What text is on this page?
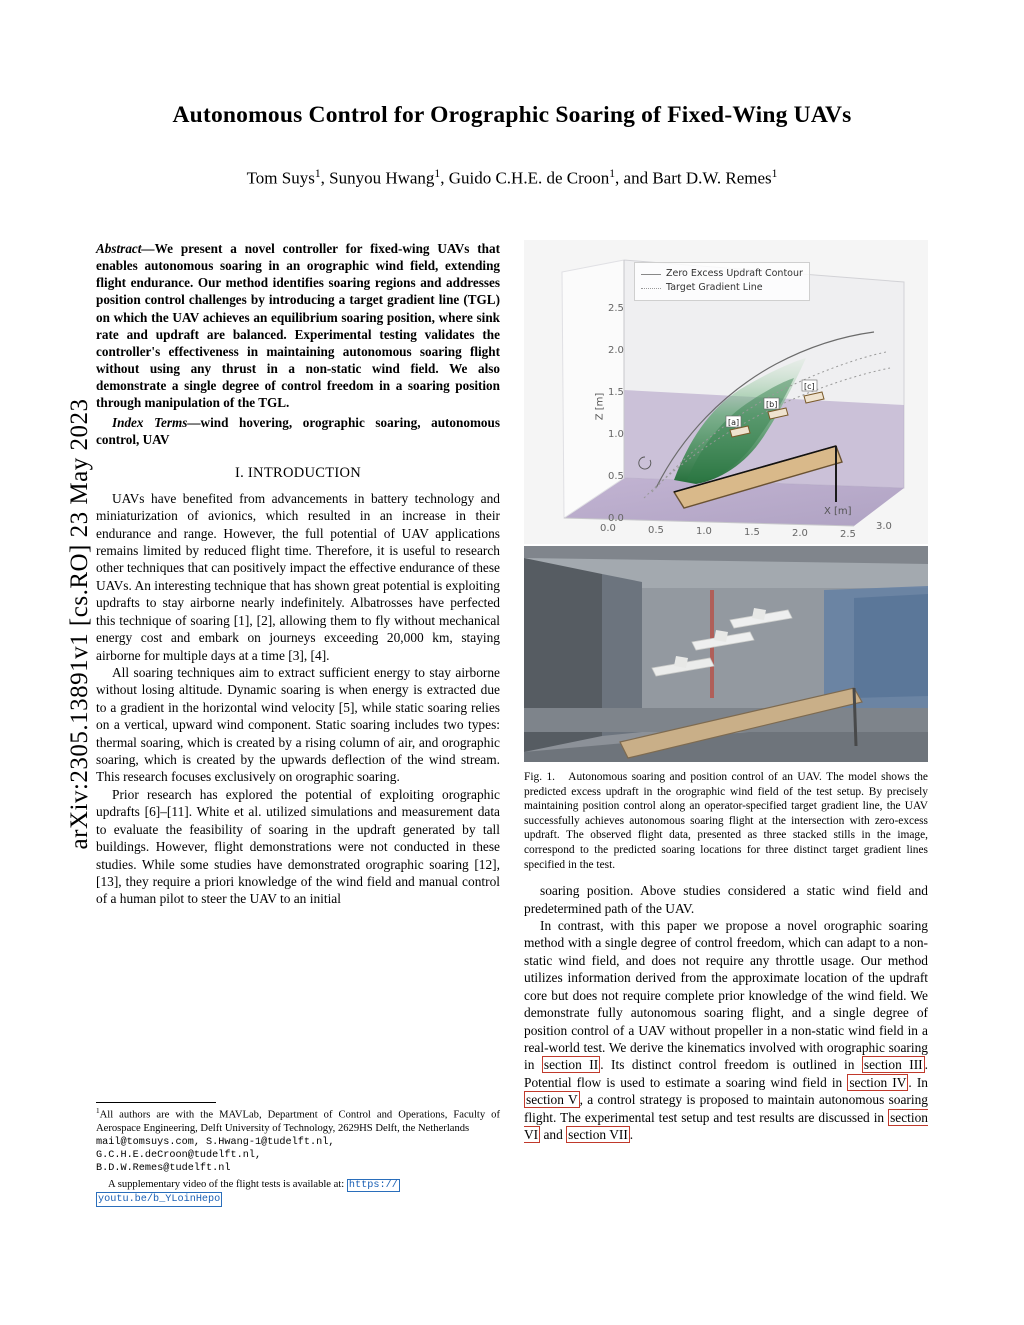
arXiv:2305.13891v1 [cs.RO] 23 May 2023
Autonomous Control for Orographic Soaring of Fixed-Wing UAVs
Tom Suys$^1$, Sunyou Hwang$^1$, Guido C.H.E. de Croon$^1$, and Bart D.W. Remes$^1$
Abstract—We present a novel controller for fixed-wing UAVs that enables autonomous soaring in an orographic wind field, extending flight endurance. Our method identifies soaring regions and addresses position control challenges by introducing a target gradient line (TGL) on which the UAV achieves an equilibrium soaring position, where sink rate and updraft are balanced. Experimental testing validates the controller's effectiveness in maintaining autonomous soaring flight without using any thrust in a non-static wind field. We also demonstrate a single degree of control freedom in a soaring position through manipulation of the TGL.
Index Terms—wind hovering, orographic soaring, autonomous control, UAV
I. INTRODUCTION

UAVs have benefited from advancements in battery technology and miniaturization of avionics, which resulted in an increase in their endurance and range. However, the full potential of UAV applications remains limited by reduced flight time. Therefore, it is useful to research other techniques that can positively impact the effective endurance of these UAVs. An interesting technique that has shown great potential is exploiting updrafts to stay airborne nearly indefinitely. Albatrosses have perfected this technique of soaring [1], [2], allowing them to fly without mechanical energy cost and embark on journeys exceeding 20,000 km, staying airborne for multiple days at a time [3], [4].

All soaring techniques aim to extract sufficient energy to stay airborne without losing altitude. Dynamic soaring is when energy is extracted due to a gradient in the horizontal wind velocity [5], while static soaring relies on a vertical, upward wind component. Static soaring includes two types: thermal soaring, which is created by a rising column of air, and orographic soaring, which is created by the upwards deflection of the wind stream. This research focuses exclusively on orographic soaring.

Prior research has explored the potential of exploiting orographic updrafts [6]–[11]. White et al. utilized simulations and measurement data to evaluate the feasibility of soaring in the updraft generated by tall buildings. However, flight demonstrations were not conducted in these studies. While some studies have demonstrated orographic soaring [12], [13], they require a priori knowledge of the wind field and manual control of a human pilot to steer the UAV to an initial

[a]
[b]
[c]
Zero Excess Updraft Contour
Target Gradient Line
0.0
0.5
1.0
1.5
2.0
2.5
Z [m]
0.0	0.5	1.0	1.5	2.0	2.5
3.0
X [m]
Fig. 1. Autonomous soaring and position control of an UAV. The model shows the predicted excess updraft in the orographic wind field of the test setup. By precisely maintaining position control along an operator-specified target gradient line, the UAV successfully achieves autonomous soaring flight at the intersection with zero-excess updraft. The observed flight data, presented as three stacked stills in the image, correspond to the predicted soaring locations for three distinct target gradient lines specified in the test.

soaring position. Above studies considered a static wind field and predetermined path of the UAV.

In contrast, with this paper we propose a novel orographic soaring method with a single degree of control freedom, which can adapt to a non-static wind field, and does not require any throttle usage. Our method utilizes information derived from the approximate location of the updraft core but does not require complete prior knowledge of the wind field. We demonstrate fully autonomous soaring flight, and a single degree of position control of a UAV without propeller in a non-static wind field in a real-world test. We derive the kinematics involved with orographic soaring in section II . Its distinct control freedom is outlined in section III . Potential flow is used to estimate a soaring wind field in section IV . In section V , a control strategy is proposed to maintain autonomous soaring flight. The experimental test setup and test results are discussed in section VI and section VII .

$^1$All authors are with the MAVLab, Department of Control and Operations, Faculty of Aerospace Engineering, Delft University of Technology, 2629HS Delft, the Netherlands
mail@tomsuys.com, S.Hwang-1@tudelft.nl,
G.C.H.E.deCroon@tudelft.nl,
B.D.W.Remes@tudelft.nl
A supplementary video of the flight tests is available at: https://
youtu.be/b_YLoinHepo
